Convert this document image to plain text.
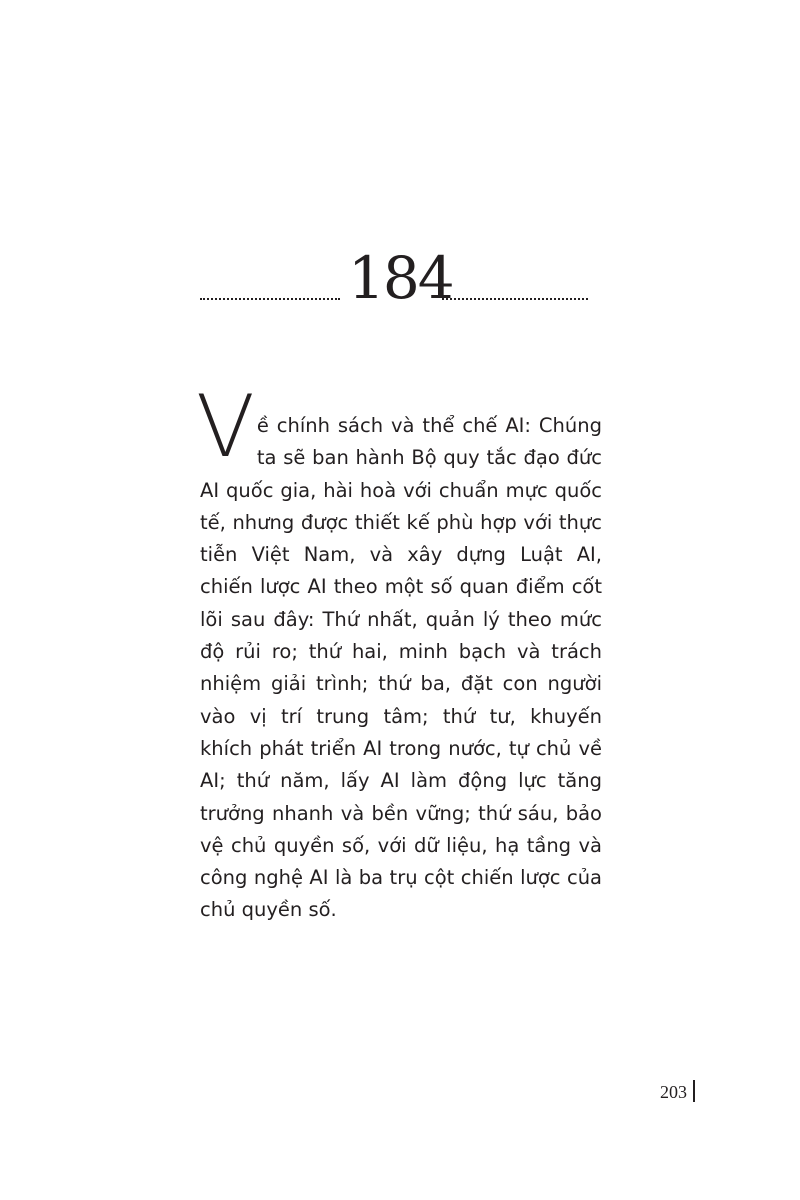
184
V ề chính sách và thể chế AI: Chúng ta sẽ ban hành Bộ quy tắc đạo đức AI quốc gia, hài hoà với chuẩn mực quốc tế, nhưng được thiết kế phù hợp với thực tiễn Việt Nam, và xây dựng Luật AI, chiến lược AI theo một số quan điểm cốt lõi sau đây: Thứ nhất, quản lý theo mức độ rủi ro; thứ hai, minh bạch và trách nhiệm giải trình; thứ ba, đặt con người vào vị trí trung tâm; thứ tư, khuyến khích phát triển AI trong nước, tự chủ về AI; thứ năm, lấy AI làm động lực tăng trưởng nhanh và bền vững; thứ sáu, bảo vệ chủ quyền số, với dữ liệu, hạ tầng và công nghệ AI là ba trụ cột chiến lược của chủ quyền số.
203
